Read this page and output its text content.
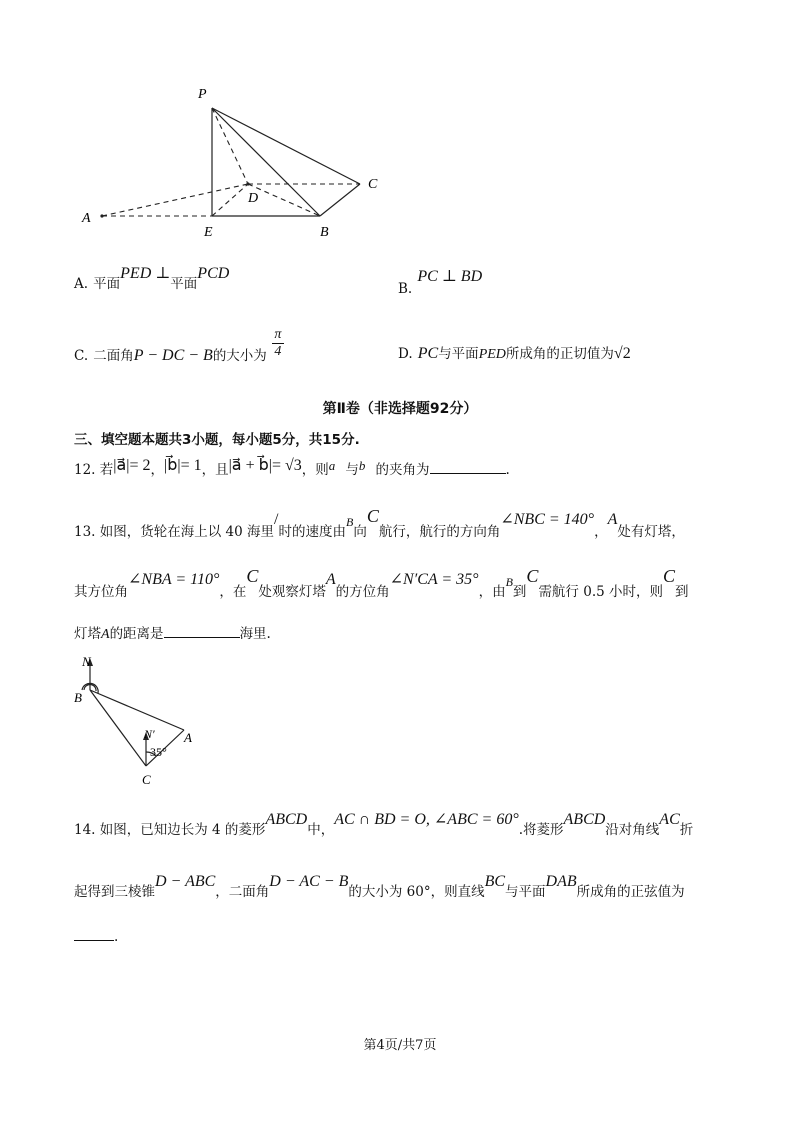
P
C
D
A
E	B
A. 平面PED ⊥平面PCD
$_{B.}$ PC ⊥ BD
$_{C.}$ $_{二面角}$P − DC − $B_{的大小为} \frac{\pi}{4}$	D. PC与平面PED所成角的正切值为√2
第Ⅱ卷（非选择题92分）
三、填空题本题共3小题，每小题5分，共15分.
12. 若|a⃗|= 2，|b⃗|= 1，且|a⃗ + b⃗|= √3，则$^{a⃗}$与$^{b⃗}$的夹角为	.
$_{13. 如图,货轮在海上以 40 海里}/_{时的速度由}B_向C_{航行,航行的方向角}\angle NBC = 140^\circ_,A_{处有灯塔,}$
$_{其方位角}$∠NBA = $110^\circ_{,在}C_{处观察灯塔}A_{的方位角}\angle N'CA = 35^\circ_{,由}B_到C_{需航行 0.5 小时,则}C_到$
灯塔A的距离是	海里.
N
B
N′ A
35°
C
$_{14. 如图,已知边长为 4 的菱形}ABCD_{中,}AC$ ∩ BD = O, ∠ABC = $60^\circ_{.将菱形}ABCD_{沿对角线}AC_折$
$_{起得到三棱锥}D - ABC_{,二面角}D$ − AC − $B_{的大小为 60^\circ,则直线}BC_{与平面}DAB_{所成角的正弦值为}$
.
第4页/共7页
